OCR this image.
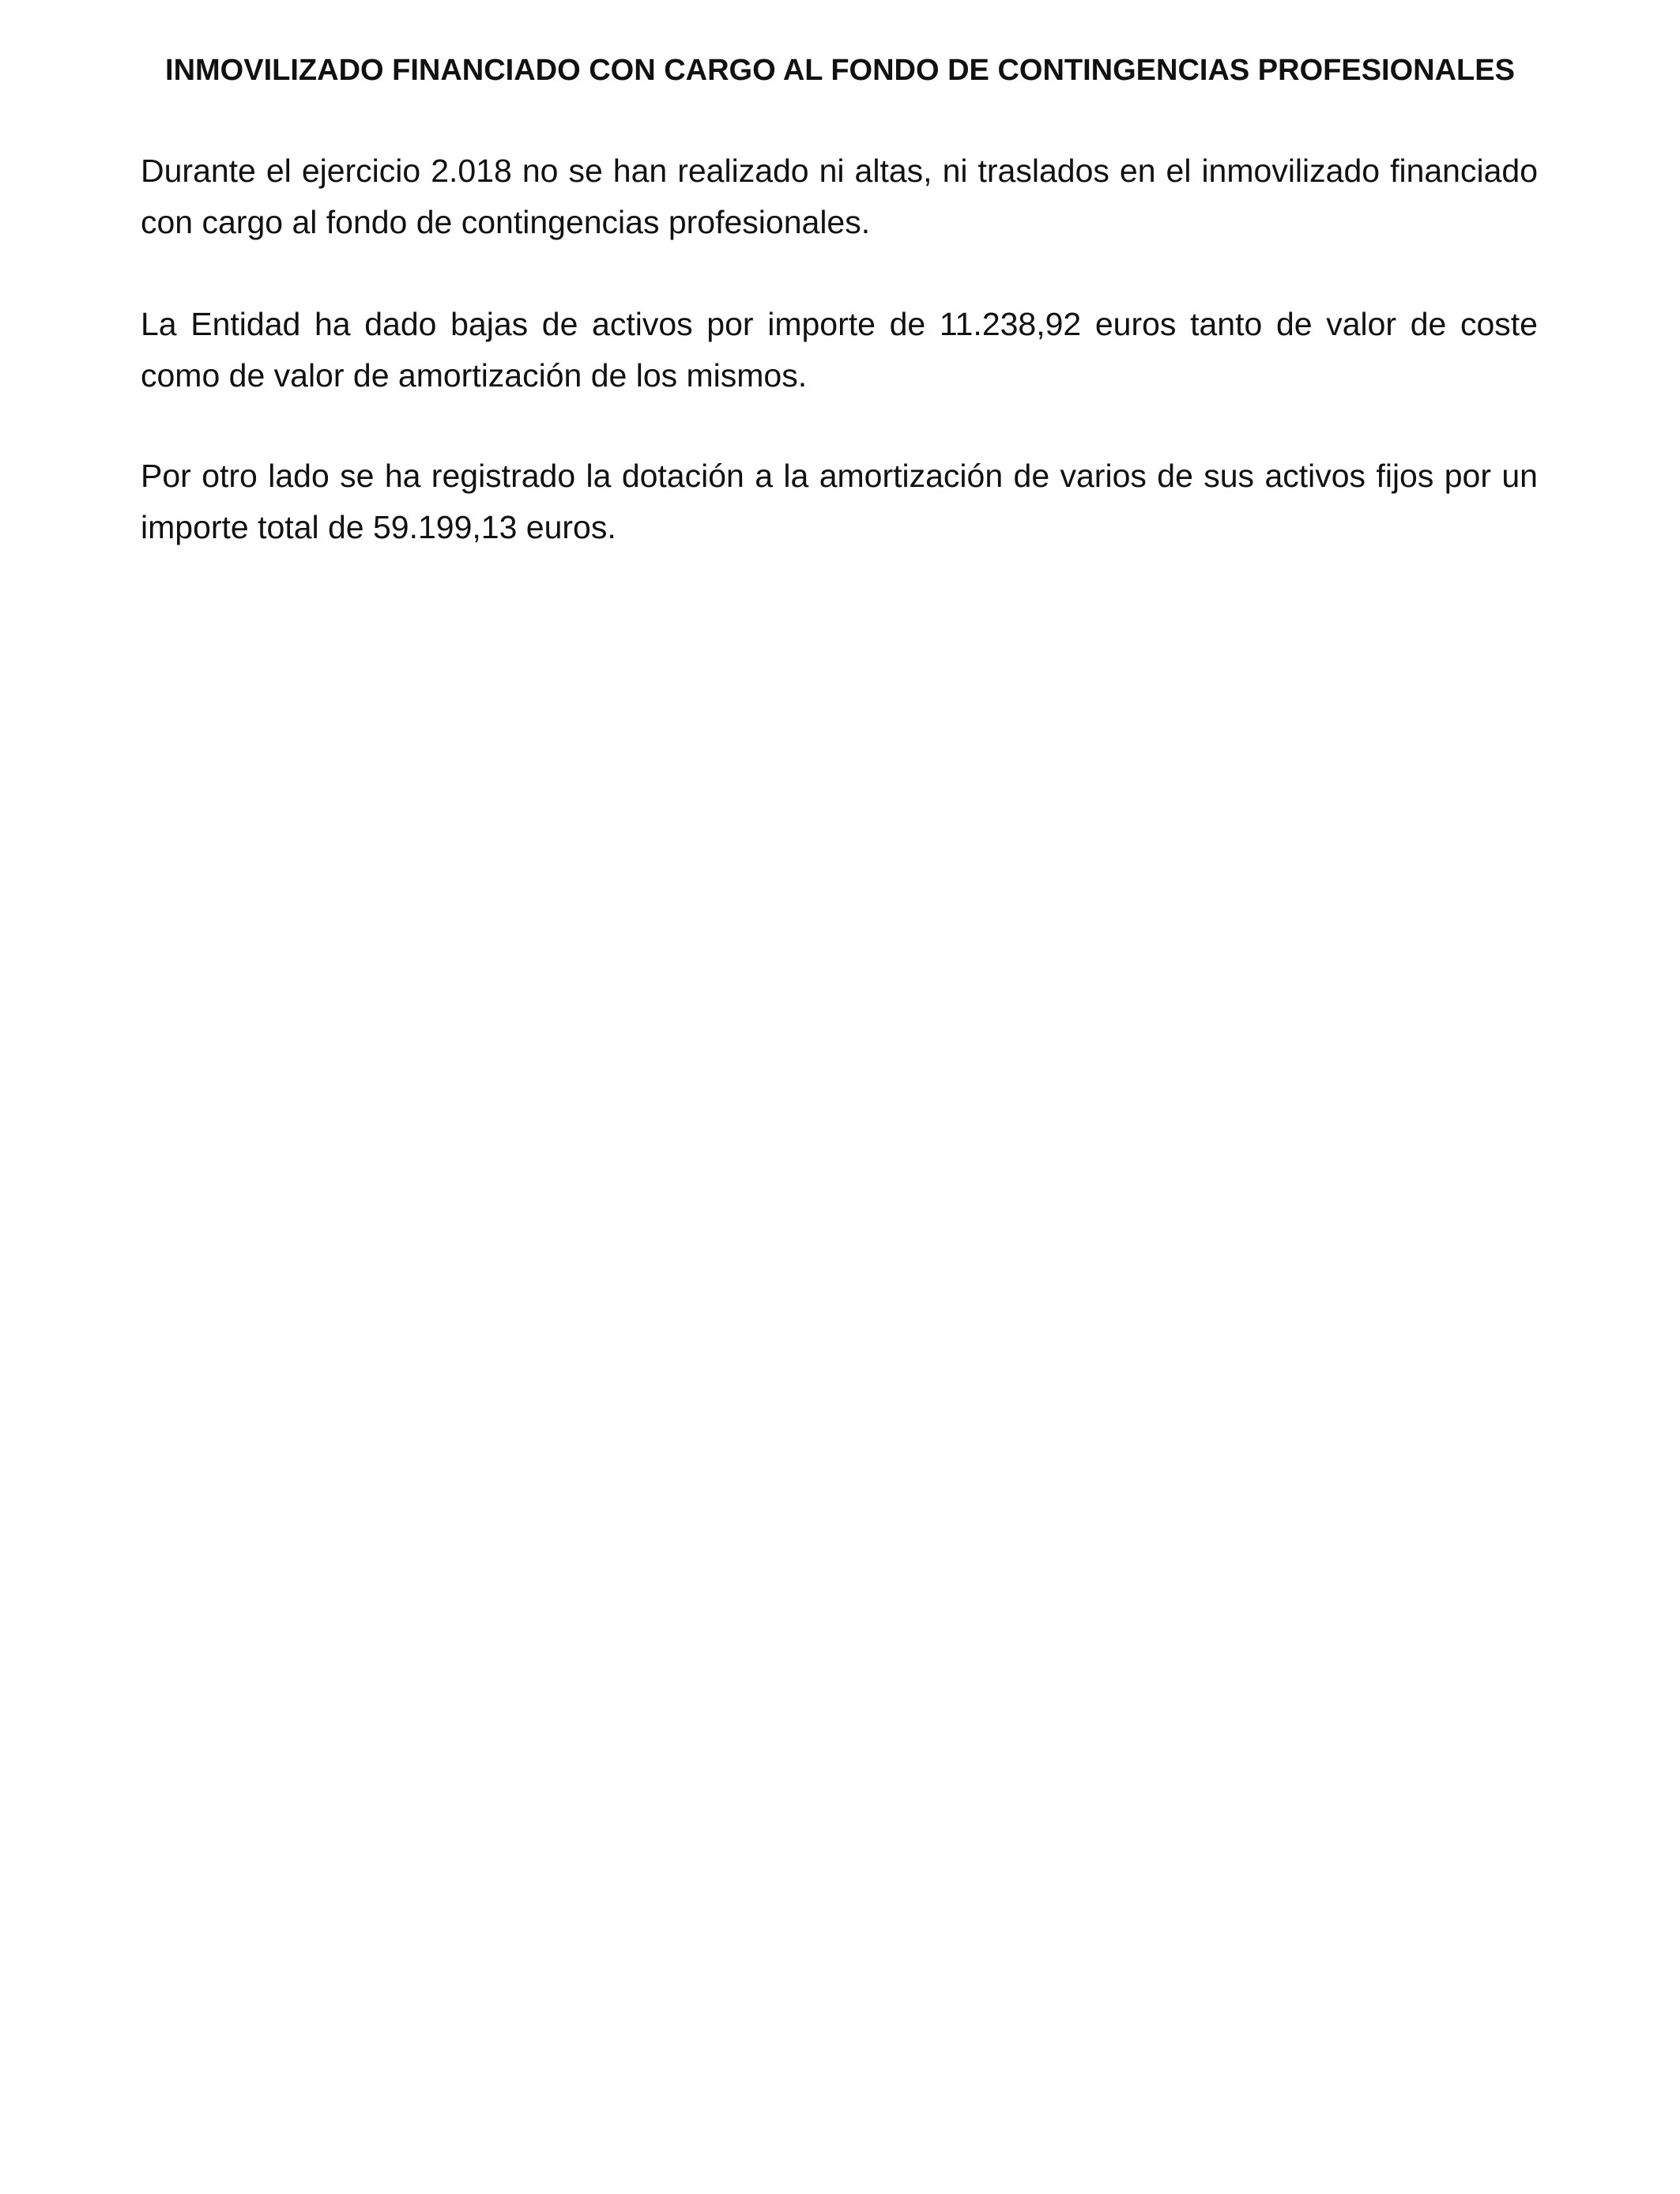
INMOVILIZADO FINANCIADO CON CARGO AL FONDO DE CONTINGENCIAS PROFESIONALES

Durante el ejercicio 2.018 no se han realizado ni altas, ni traslados en el inmovilizado financiado con cargo al fondo de contingencias profesionales.

La Entidad ha dado bajas de activos por importe de 11.238,92 euros tanto de valor de coste como de valor de amortización de los mismos.

Por otro lado se ha registrado la dotación a la amortización de varios de sus activos fijos por un importe total de 59.199,13 euros.
